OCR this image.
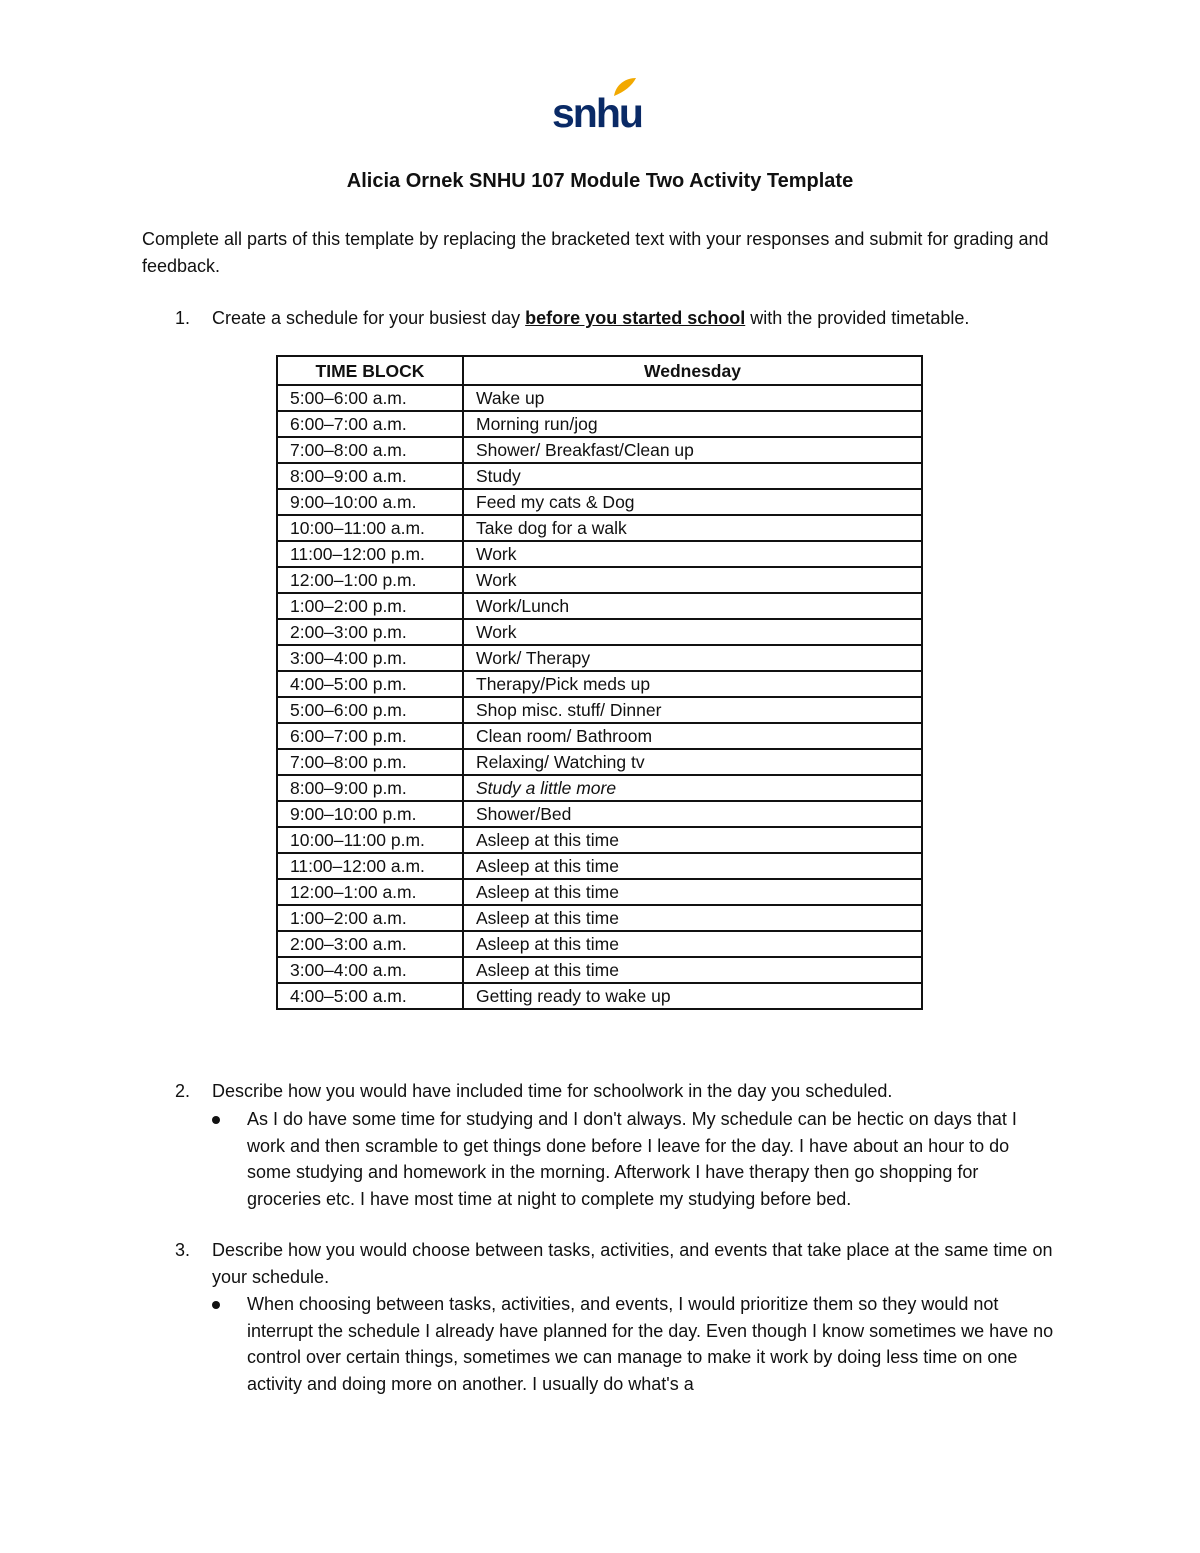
snhu
Alicia Ornek SNHU 107 Module Two Activity Template
Complete all parts of this template by replacing the bracketed text with your responses and submit for grading and feedback.
1. Create a schedule for your busiest day before you started school with the provided timetable.
TIME BLOCK	Wednesday
5:00–6:00 a.m.	Wake up
6:00–7:00 a.m.	Morning run/jog
7:00–8:00 a.m.	Shower/ Breakfast/Clean up
8:00–9:00 a.m.	Study
9:00–10:00 a.m.	Feed my cats & Dog
10:00–11:00 a.m.	Take dog for a walk
11:00–12:00 p.m.	Work
12:00–1:00 p.m.	Work
1:00–2:00 p.m.	Work/Lunch
2:00–3:00 p.m.	Work
3:00–4:00 p.m.	Work/ Therapy
4:00–5:00 p.m.	Therapy/Pick meds up
5:00–6:00 p.m.	Shop misc. stuff/ Dinner
6:00–7:00 p.m.	Clean room/ Bathroom
7:00–8:00 p.m.	Relaxing/ Watching tv
8:00–9:00 p.m.	Study a little more
9:00–10:00 p.m.	Shower/Bed
10:00–11:00 p.m.	Asleep at this time
11:00–12:00 a.m.	Asleep at this time
12:00–1:00 a.m.	Asleep at this time
1:00–2:00 a.m.	Asleep at this time
2:00–3:00 a.m.	Asleep at this time
3:00–4:00 a.m.	Asleep at this time
4:00–5:00 a.m.	Getting ready to wake up
2. Describe how you would have included time for schoolwork in the day you scheduled.
As I do have some time for studying and I don't always. My schedule can be hectic on days that I work and then scramble to get things done before I leave for the day. I have about an hour to do some studying and homework in the morning. Afterwork I have therapy then go shopping for groceries etc. I have most time at night to complete my studying before bed.
3. Describe how you would choose between tasks, activities, and events that take place at the same time on your schedule.
When choosing between tasks, activities, and events, I would prioritize them so they would not interrupt the schedule I already have planned for the day. Even though I know sometimes we have no control over certain things, sometimes we can manage to make it work by doing less time on one activity and doing more on another. I usually do what's a
